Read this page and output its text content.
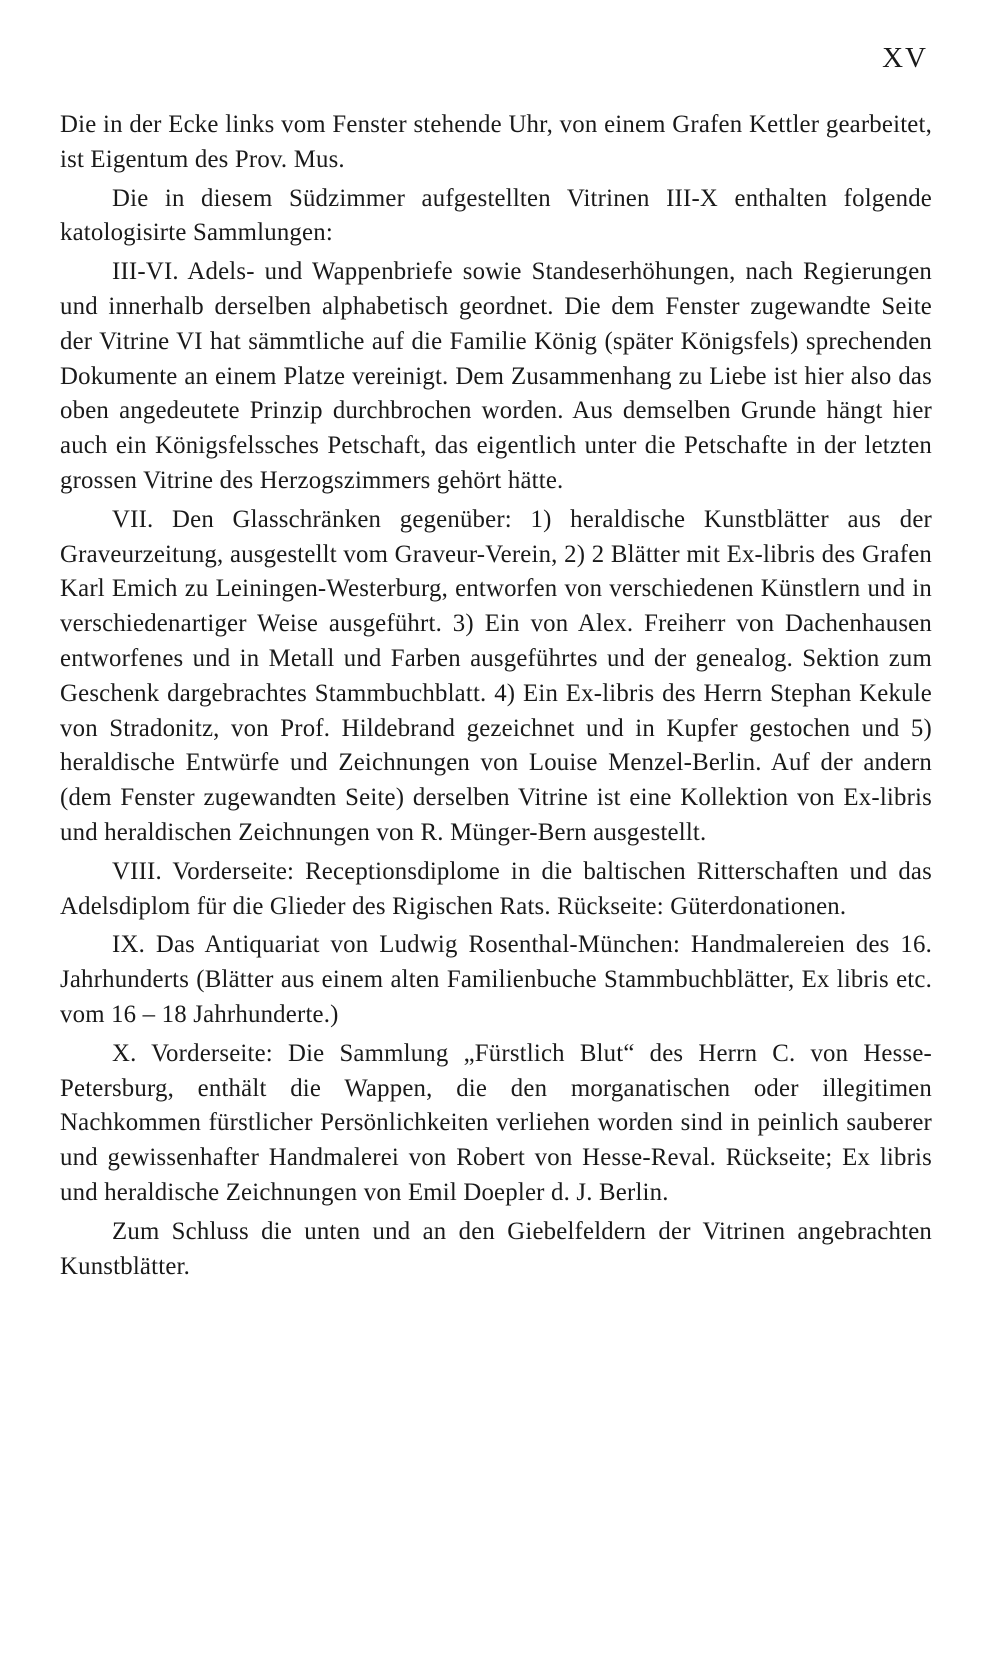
XV

Die in der Ecke links vom Fenster stehende Uhr, von einem Grafen Kettler gearbeitet, ist Eigentum des Prov. Mus.

Die in diesem Südzimmer aufgestellten Vitrinen III-X enthalten folgende katologisirte Sammlungen:

III-VI. Adels- und Wappenbriefe sowie Standeserhöhungen, nach Regierungen und innerhalb derselben alphabetisch geordnet. Die dem Fenster zugewandte Seite der Vitrine VI hat sämmtliche auf die Familie König (später Königsfels) sprechenden Dokumente an einem Platze vereinigt. Dem Zusammenhang zu Liebe ist hier also das oben angedeutete Prinzip durchbrochen worden. Aus demselben Grunde hängt hier auch ein Königsfelssches Petschaft, das eigentlich unter die Petschafte in der letzten grossen Vitrine des Herzogszimmers gehört hätte.

VII. Den Glasschränken gegenüber: 1) heraldische Kunstblätter aus der Graveurzeitung, ausgestellt vom Graveur-Verein, 2) 2 Blätter mit Ex-libris des Grafen Karl Emich zu Leiningen-Westerburg, entworfen von verschiedenen Künstlern und in verschiedenartiger Weise ausgeführt. 3) Ein von Alex. Freiherr von Dachenhausen entworfenes und in Metall und Farben ausgeführtes und der genealog. Sektion zum Geschenk dargebrachtes Stammbuchblatt. 4) Ein Ex-libris des Herrn Stephan Kekule von Stradonitz, von Prof. Hildebrand gezeichnet und in Kupfer gestochen und 5) heraldische Entwürfe und Zeichnungen von Louise Menzel-Berlin. Auf der andern (dem Fenster zugewandten Seite) derselben Vitrine ist eine Kollektion von Ex-libris und heraldischen Zeichnungen von R. Münger-Bern ausgestellt.

VIII. Vorderseite: Receptionsdiplome in die baltischen Ritterschaften und das Adelsdiplom für die Glieder des Rigischen Rats. Rückseite: Güterdonationen.

IX. Das Antiquariat von Ludwig Rosenthal-München: Handmalereien des 16. Jahrhunderts (Blätter aus einem alten Familienbuche Stammbuchblätter, Ex libris etc. vom 16 – 18 Jahrhunderte.)

X. Vorderseite: Die Sammlung „Fürstlich Blut“ des Herrn C. von Hesse-Petersburg, enthält die Wappen, die den morganatischen oder illegitimen Nachkommen fürstlicher Persönlichkeiten verliehen worden sind in peinlich sauberer und gewissenhafter Handmalerei von Robert von Hesse-Reval. Rückseite; Ex libris und heraldische Zeichnungen von Emil Doepler d. J. Berlin.

Zum Schluss die unten und an den Giebelfeldern der Vitrinen angebrachten Kunstblätter.
